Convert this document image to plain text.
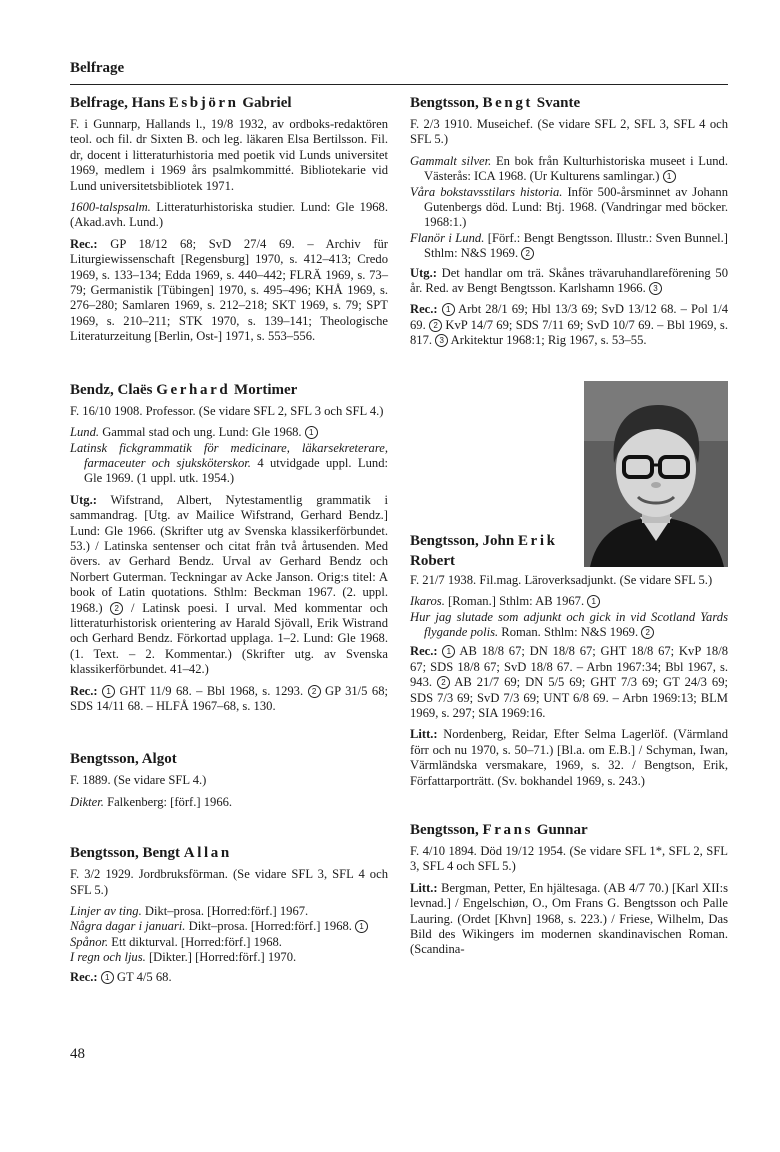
Belfrage
Belfrage, Hans Esbjörn Gabriel

F. i Gunnarp, Hallands l., 19/8 1932, av ordboks-redaktören teol. och fil. dr Sixten B. och leg. läkaren Elsa Bertilsson. Fil. dr, docent i litteraturhistoria med poetik vid Lunds universitet 1969, medlem i 1969 års psalmkommitté. Bibliotekarie vid Lund universitetsbibliotek 1971.

1600-talspsalm. Litteraturhistoriska studier. Lund: Gle 1968. (Akad.avh. Lund.)

Rec.: GP 18/12 68; SvD 27/4 69. – Archiv für Liturgiewissenschaft [Regensburg] 1970, s. 412–413; Credo 1969, s. 133–134; Edda 1969, s. 440–442; FLRÄ 1969, s. 73–79; Germanistik [Tübingen] 1970, s. 495–496; KHÅ 1969, s. 276–280; Samlaren 1969, s. 212–218; SKT 1969, s. 79; SPT 1969, s. 210–211; STK 1970, s. 139–141; Theologische Literaturzeitung [Berlin, Ost-] 1971, s. 553–556.

Bendz, Claës Gerhard Mortimer

F. 16/10 1908. Professor. (Se vidare SFL 2, SFL 3 och SFL 4.)

Lund. Gammal stad och ung. Lund: Gle 1968. 1

Latinsk fickgrammatik för medicinare, läkarsekreterare, farmaceuter och sjuksköterskor. 4 utvidgade uppl. Lund: Gle 1969. (1 uppl. utk. 1954.)

Utg.: Wifstrand, Albert, Nytestamentlig grammatik i sammandrag. [Utg. av Mailice Wifstrand, Gerhard Bendz.] Lund: Gle 1966. (Skrifter utg av Svenska klassikerförbundet. 53.) / Latinska sentenser och citat från två årtusenden. Med övers. av Gerhard Bendz. Urval av Gerhard Bendz och Norbert Guterman. Teckningar av Acke Janson. Orig:s titel: A book of Latin quotations. Sthlm: Beckman 1967. (2. uppl. 1968.) 2 / Latinsk poesi. I urval. Med kommentar och litteraturhistorisk orientering av Harald Sjövall, Erik Wistrand och Gerhard Bendz. Förkortad upplaga. 1–2. Lund: Gle 1968. (1. Text. – 2. Kommentar.) (Skrifter utg. av Svenska klassikerförbundet. 41–42.)

Rec.: 1 GHT 11/9 68. – Bbl 1968, s. 1293. 2 GP 31/5 68; SDS 14/11 68. – HLFÅ 1967–68, s. 130.

Bengtsson, Algot

F. 1889. (Se vidare SFL 4.)

Dikter. Falkenberg: [förf.] 1966.

Bengtsson, Bengt Allan

F. 3/2 1929. Jordbruksförman. (Se vidare SFL 3, SFL 4 och SFL 5.)

Linjer av ting. Dikt–prosa. [Horred:förf.] 1967.

Några dagar i januari. Dikt–prosa. [Horred:förf.] 1968. 1

Spånor. Ett dikturval. [Horred:förf.] 1968.

I regn och ljus. [Dikter.] [Horred:förf.] 1970.

Rec.: 1 GT 4/5 68.

Bengtsson, Bengt Svante

F. 2/3 1910. Museichef. (Se vidare SFL 2, SFL 3, SFL 4 och SFL 5.)

Gammalt silver. En bok från Kulturhistoriska museet i Lund. Västerås: ICA 1968. (Ur Kulturens samlingar.) 1

Våra bokstavsstilars historia. Inför 500-årsminnet av Johann Gutenbergs död. Lund: Btj. 1968. (Vandringar med böcker. 1968:1.)

Flanör i Lund. [Förf.: Bengt Bengtsson. Illustr.: Sven Bunnel.] Sthlm: N&S 1969. 2

Utg.: Det handlar om trä. Skånes trävaruhandlareförening 50 år. Red. av Bengt Bengtsson. Karlshamn 1966. 3

Rec.: 1 Arbt 28/1 69; Hbl 13/3 69; SvD 13/12 68. – Pol 1/4 69. 2 KvP 14/7 69; SDS 7/11 69; SvD 10/7 69. – Bbl 1969, s. 817. 3 Arkitektur 1968:1; Rig 1967, s. 53–55.

Bengtsson, John Erik
Robert

F. 21/7 1938. Fil.mag. Läroverksadjunkt. (Se vidare SFL 5.)

Ikaros. [Roman.] Sthlm: AB 1967. 1

Hur jag slutade som adjunkt och gick in vid Scotland Yards flygande polis. Roman. Sthlm: N&S 1969. 2

Rec.: 1 AB 18/8 67; DN 18/8 67; GHT 18/8 67; KvP 18/8 67; SDS 18/8 67; SvD 18/8 67. – Arbn 1967:34; Bbl 1967, s. 943. 2 AB 21/7 69; DN 5/5 69; GHT 7/3 69; GT 24/3 69; SDS 7/3 69; SvD 7/3 69; UNT 6/8 69. – Arbn 1969:13; BLM 1969, s. 297; SIA 1969:16.

Litt.: Nordenberg, Reidar, Efter Selma Lagerlöf. (Värmland förr och nu 1970, s. 50–71.) [Bl.a. om E.B.] / Schyman, Iwan, Värmländska versmakare, 1969, s. 32. / Bengtson, Erik, Författarporträtt. (Sv. bokhandel 1969, s. 243.)

Bengtsson, Frans Gunnar

F. 4/10 1894. Död 19/12 1954. (Se vidare SFL 1*, SFL 2, SFL 3, SFL 4 och SFL 5.)

Litt.: Bergman, Petter, En hjältesaga. (AB 4/7 70.) [Karl XII:s levnad.] / Engelschiøn, O., Om Frans G. Bengtsson och Palle Lauring. (Ordet [Khvn] 1968, s. 223.) / Friese, Wilhelm, Das Bild des Wikingers im modernen skandinavischen Roman. (Scandina-

48
